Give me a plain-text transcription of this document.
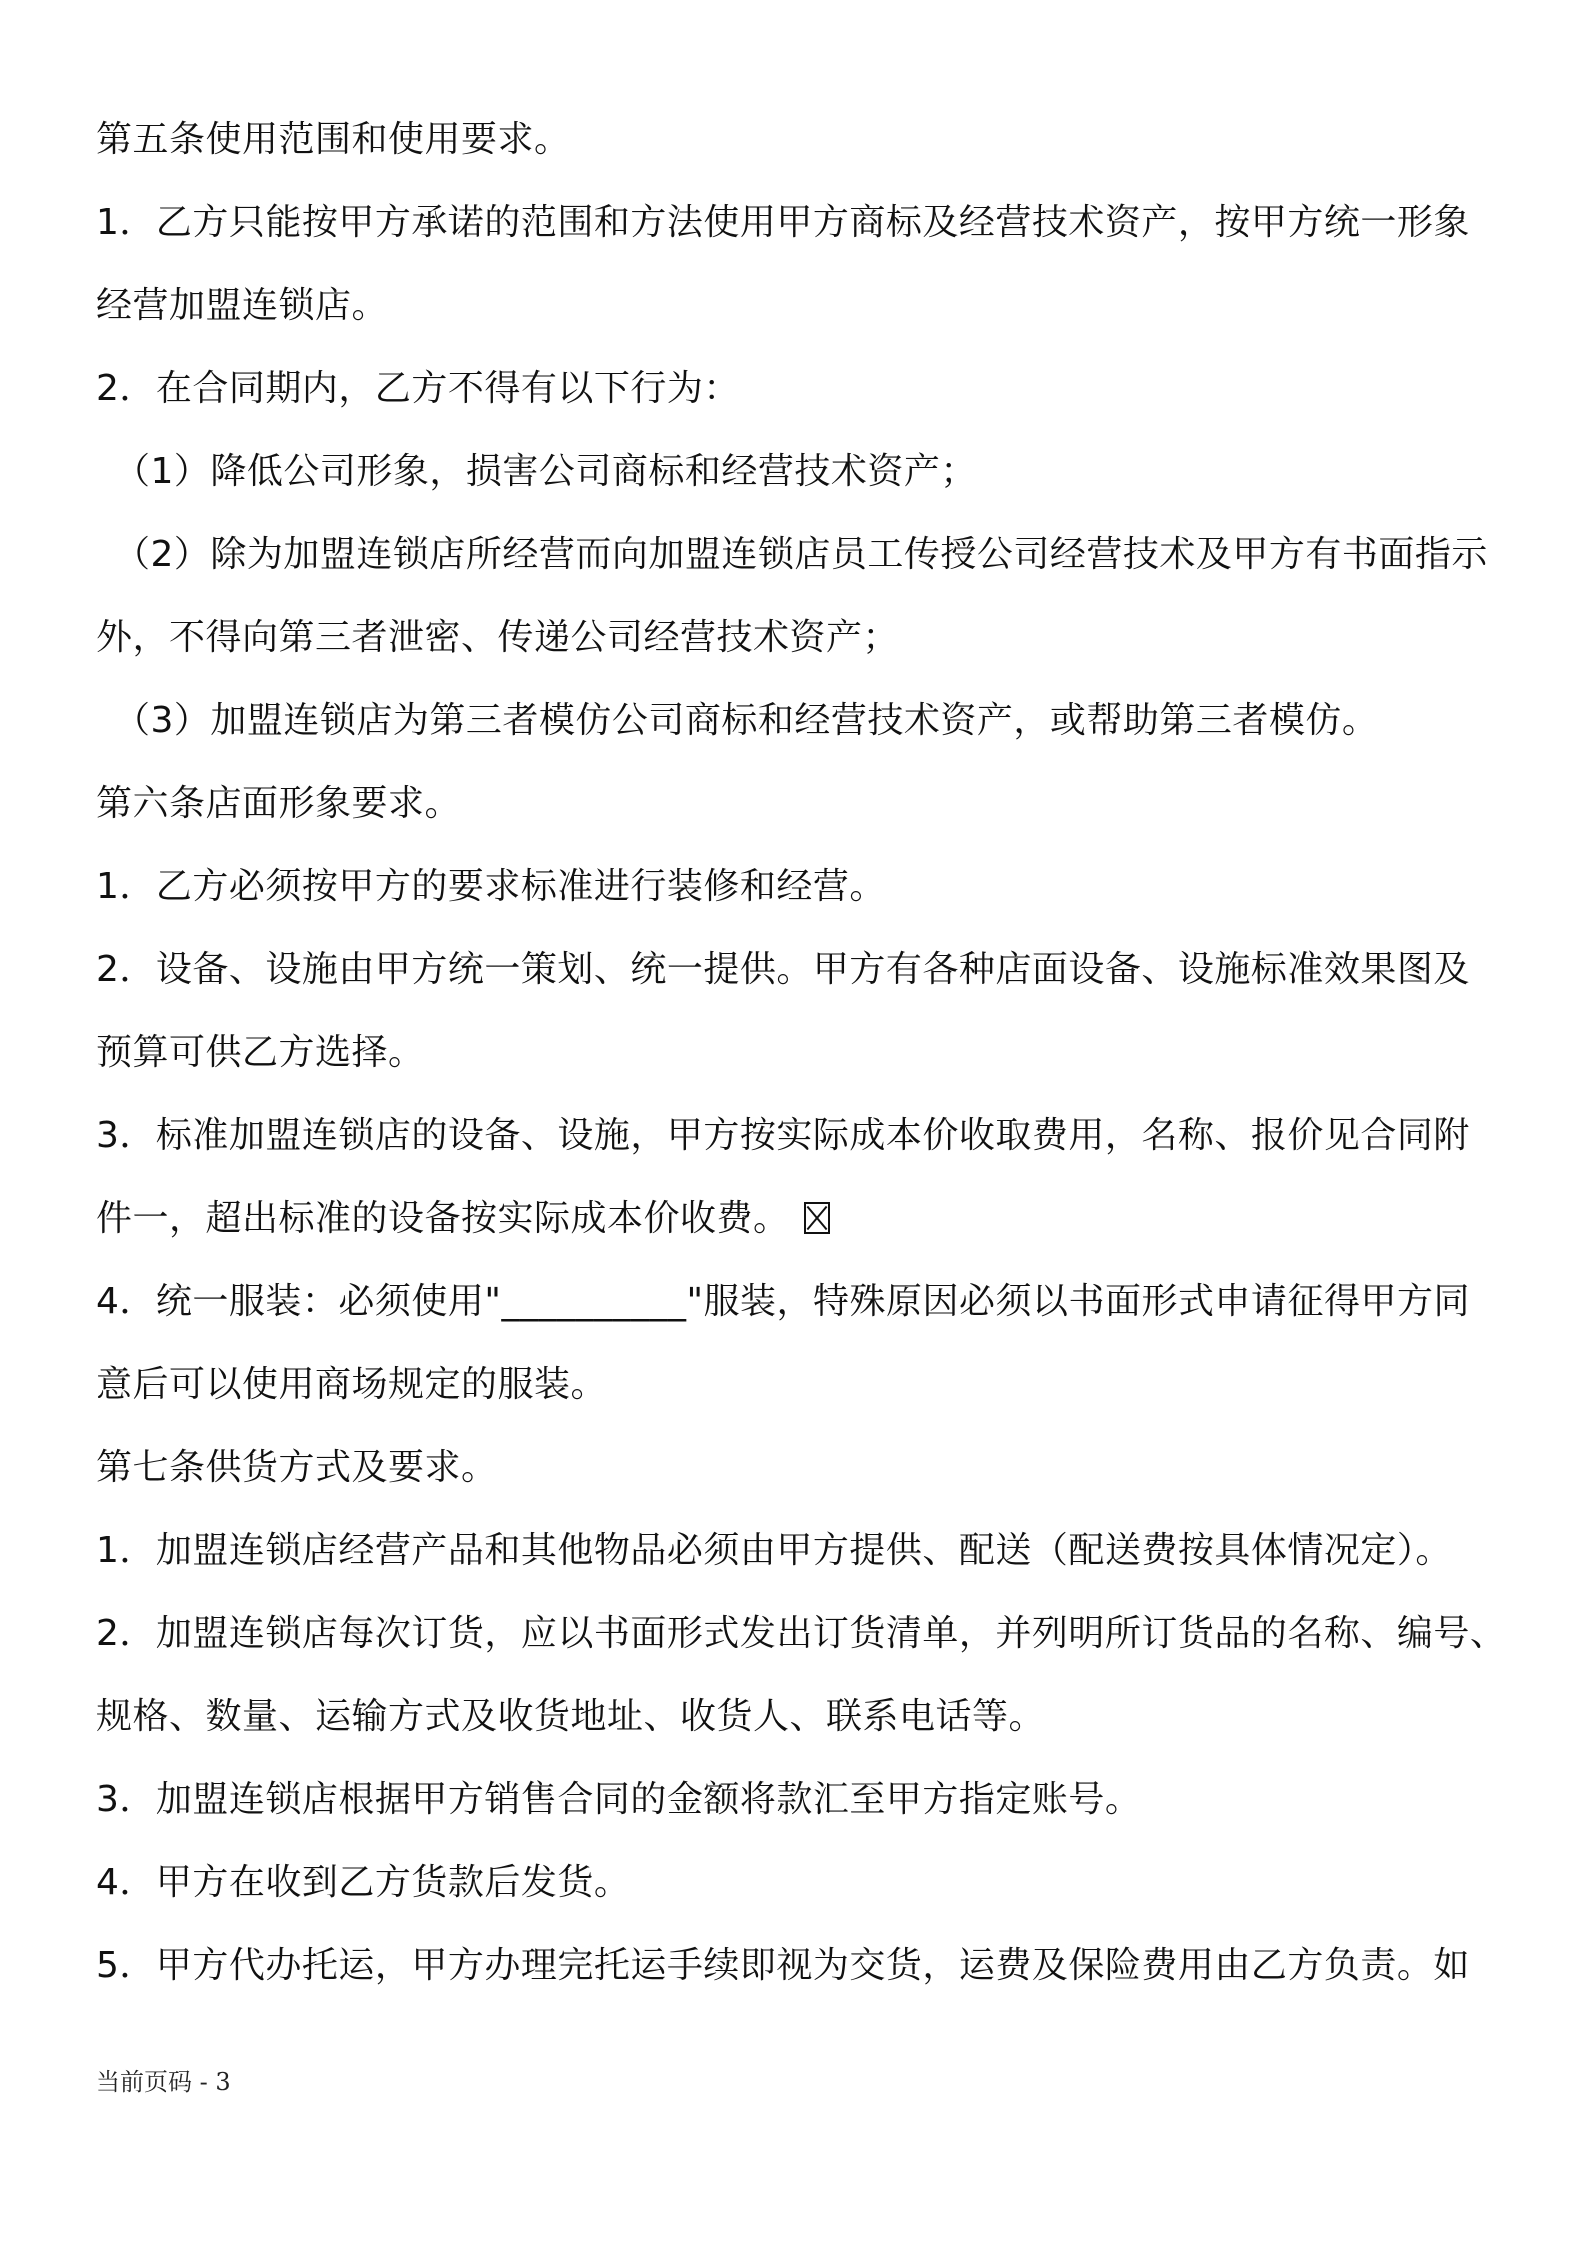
第五条使用范围和使用要求。
1．乙方只能按甲方承诺的范围和方法使用甲方商标及经营技术资产，按甲方统一形象
经营加盟连锁店。
2．在合同期内，乙方不得有以下行为：
（1）降低公司形象，损害公司商标和经营技术资产；
（2）除为加盟连锁店所经营而向加盟连锁店员工传授公司经营技术及甲方有书面指示
外，不得向第三者泄密、传递公司经营技术资产；
（3）加盟连锁店为第三者模仿公司商标和经营技术资产，或帮助第三者模仿。
第六条店面形象要求。
1．乙方必须按甲方的要求标准进行装修和经营。
2．设备、设施由甲方统一策划、统一提供。甲方有各种店面设备、设施标准效果图及
预算可供乙方选择。
3．标准加盟连锁店的设备、设施，甲方按实际成本价收取费用，名称、报价见合同附
件一，超出标准的设备按实际成本价收费。
4．统一服装：必须使用"__________"服装，特殊原因必须以书面形式申请征得甲方同
意后可以使用商场规定的服装。
第七条供货方式及要求。
1．加盟连锁店经营产品和其他物品必须由甲方提供、配送（配送费按具体情况定）。
2．加盟连锁店每次订货，应以书面形式发出订货清单，并列明所订货品的名称、编号、
规格、数量、运输方式及收货地址、收货人、联系电话等。
3．加盟连锁店根据甲方销售合同的金额将款汇至甲方指定账号。
4．甲方在收到乙方货款后发货。
5．甲方代办托运，甲方办理完托运手续即视为交货，运费及保险费用由乙方负责。如
当前页码 - 3
